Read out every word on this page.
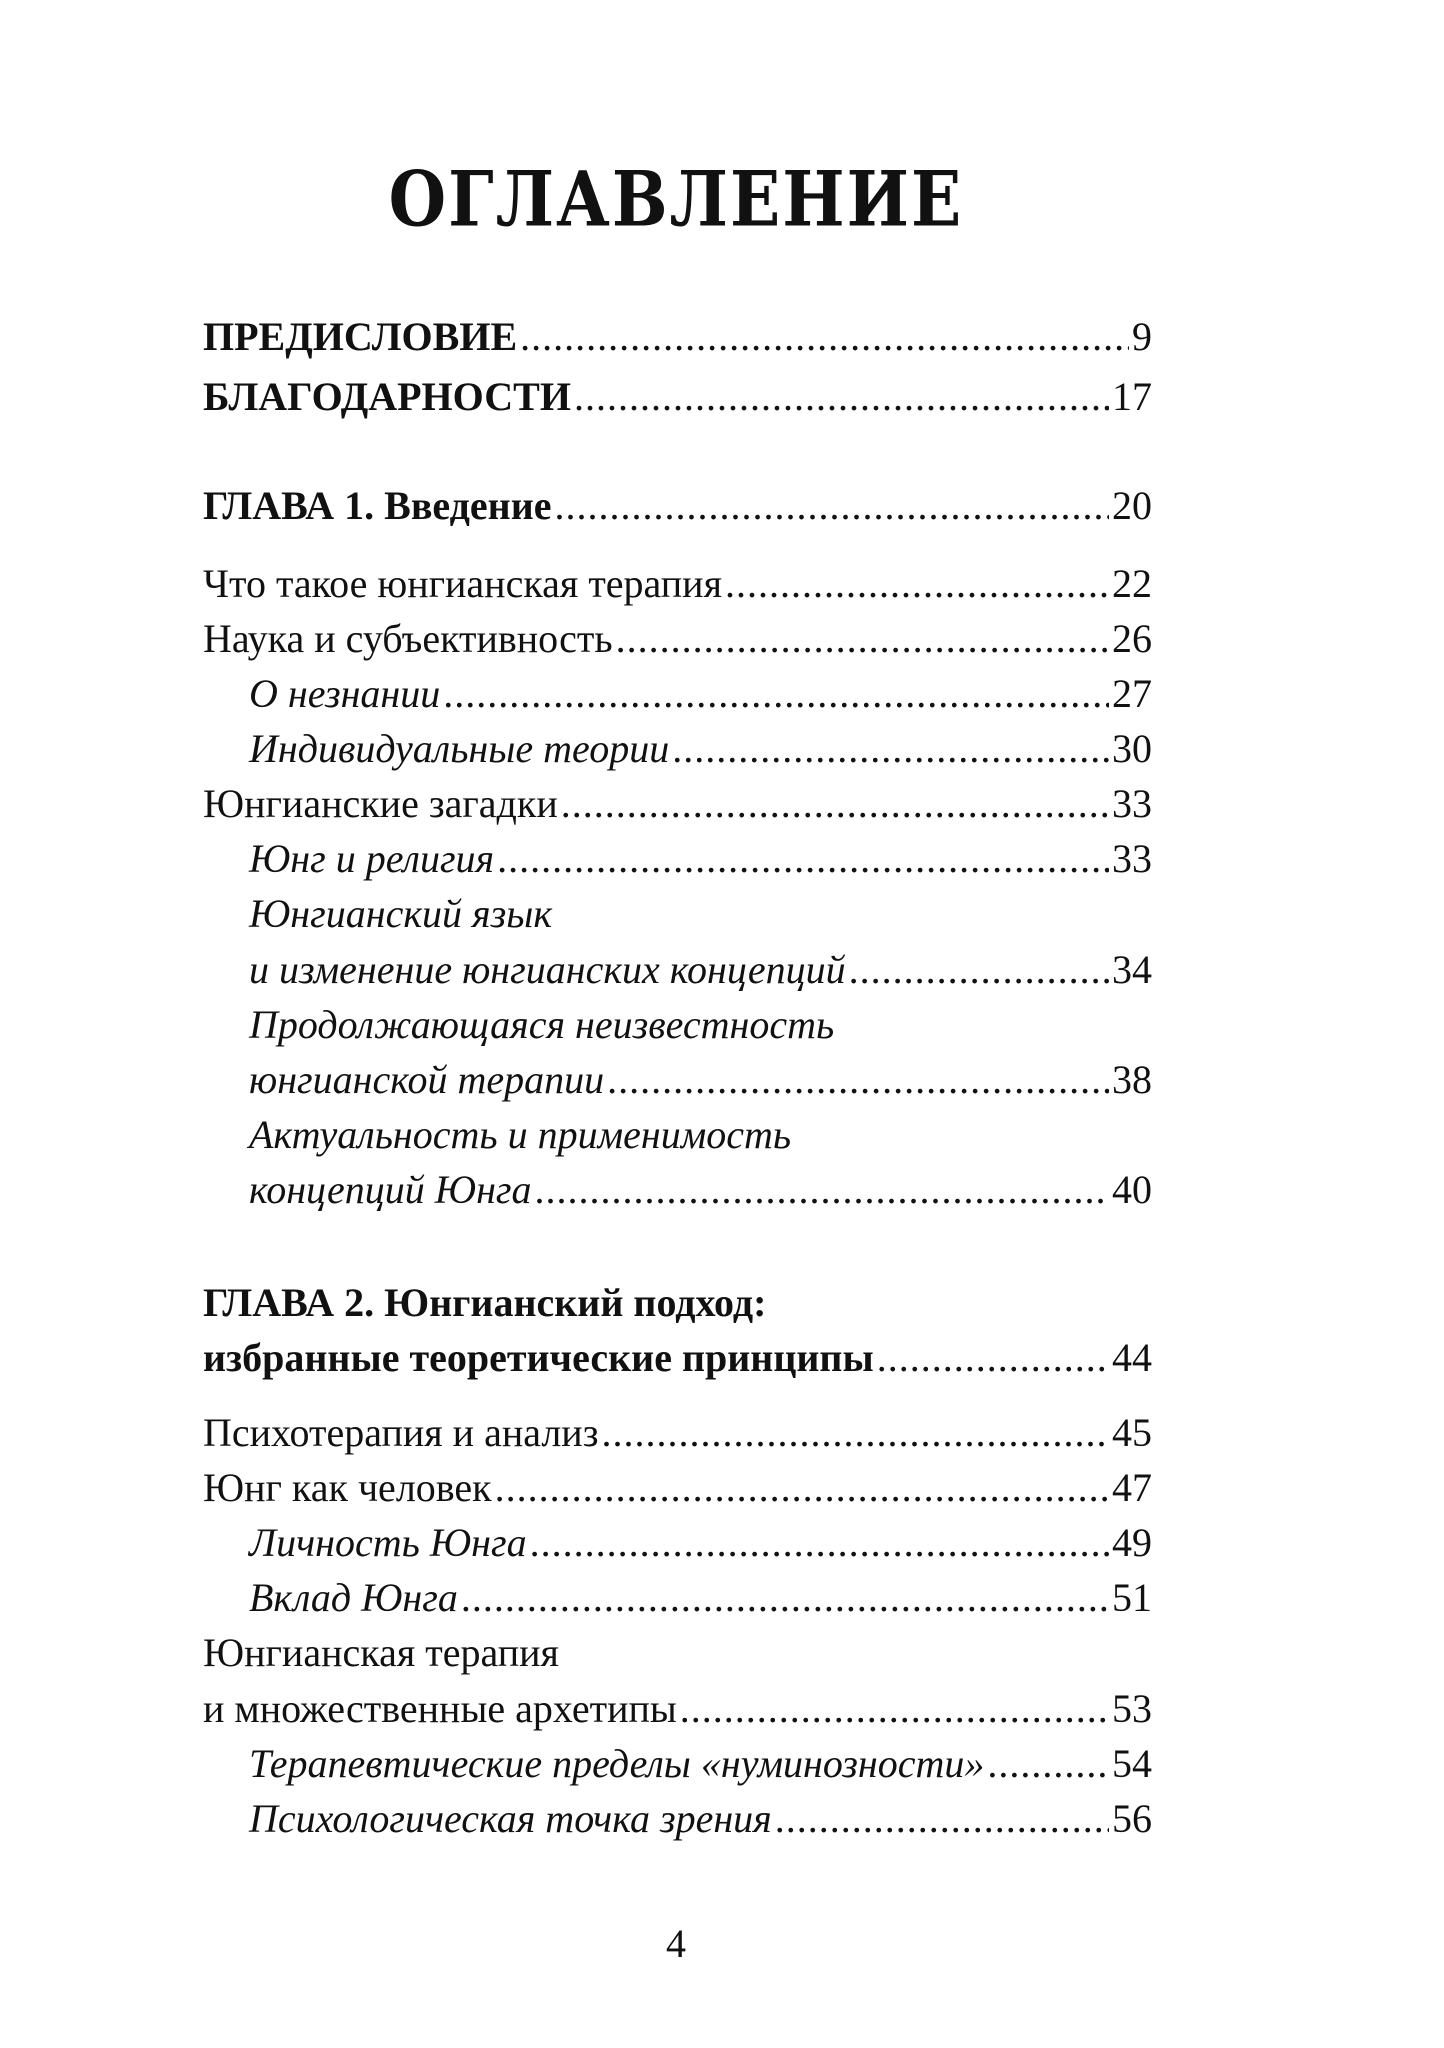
ОГЛАВЛЕНИЕ
ПРЕДИСЛОВИЕ .....	9
БЛАГОДАРНОСТИ .....	17
ГЛАВА 1. Введение .....	20
Что такое юнгианская терапия .....	22
Наука и субъективность .....	26
О незнании .....	27
Индивидуальные теории .....	30
Юнгианские загадки .....	33
Юнг и религия .....	33
Юнгианский язык
и изменение юнгианских концепций .....	34
Продолжающаяся неизвестность
юнгианской терапии .....	38
Актуальность и применимость
концепций Юнга .....	40
ГЛАВА 2. Юнгианский подход:
избранные теоретические принципы .....	44
Психотерапия и анализ .....	45
Юнг как человек .....	47
Личность Юнга .....	49
Вклад Юнга .....	51
Юнгианская терапия
и множественные архетипы .....	53
Терапевтические пределы «нуминозности» .....	54
Психологическая точка зрения .....	56
4
